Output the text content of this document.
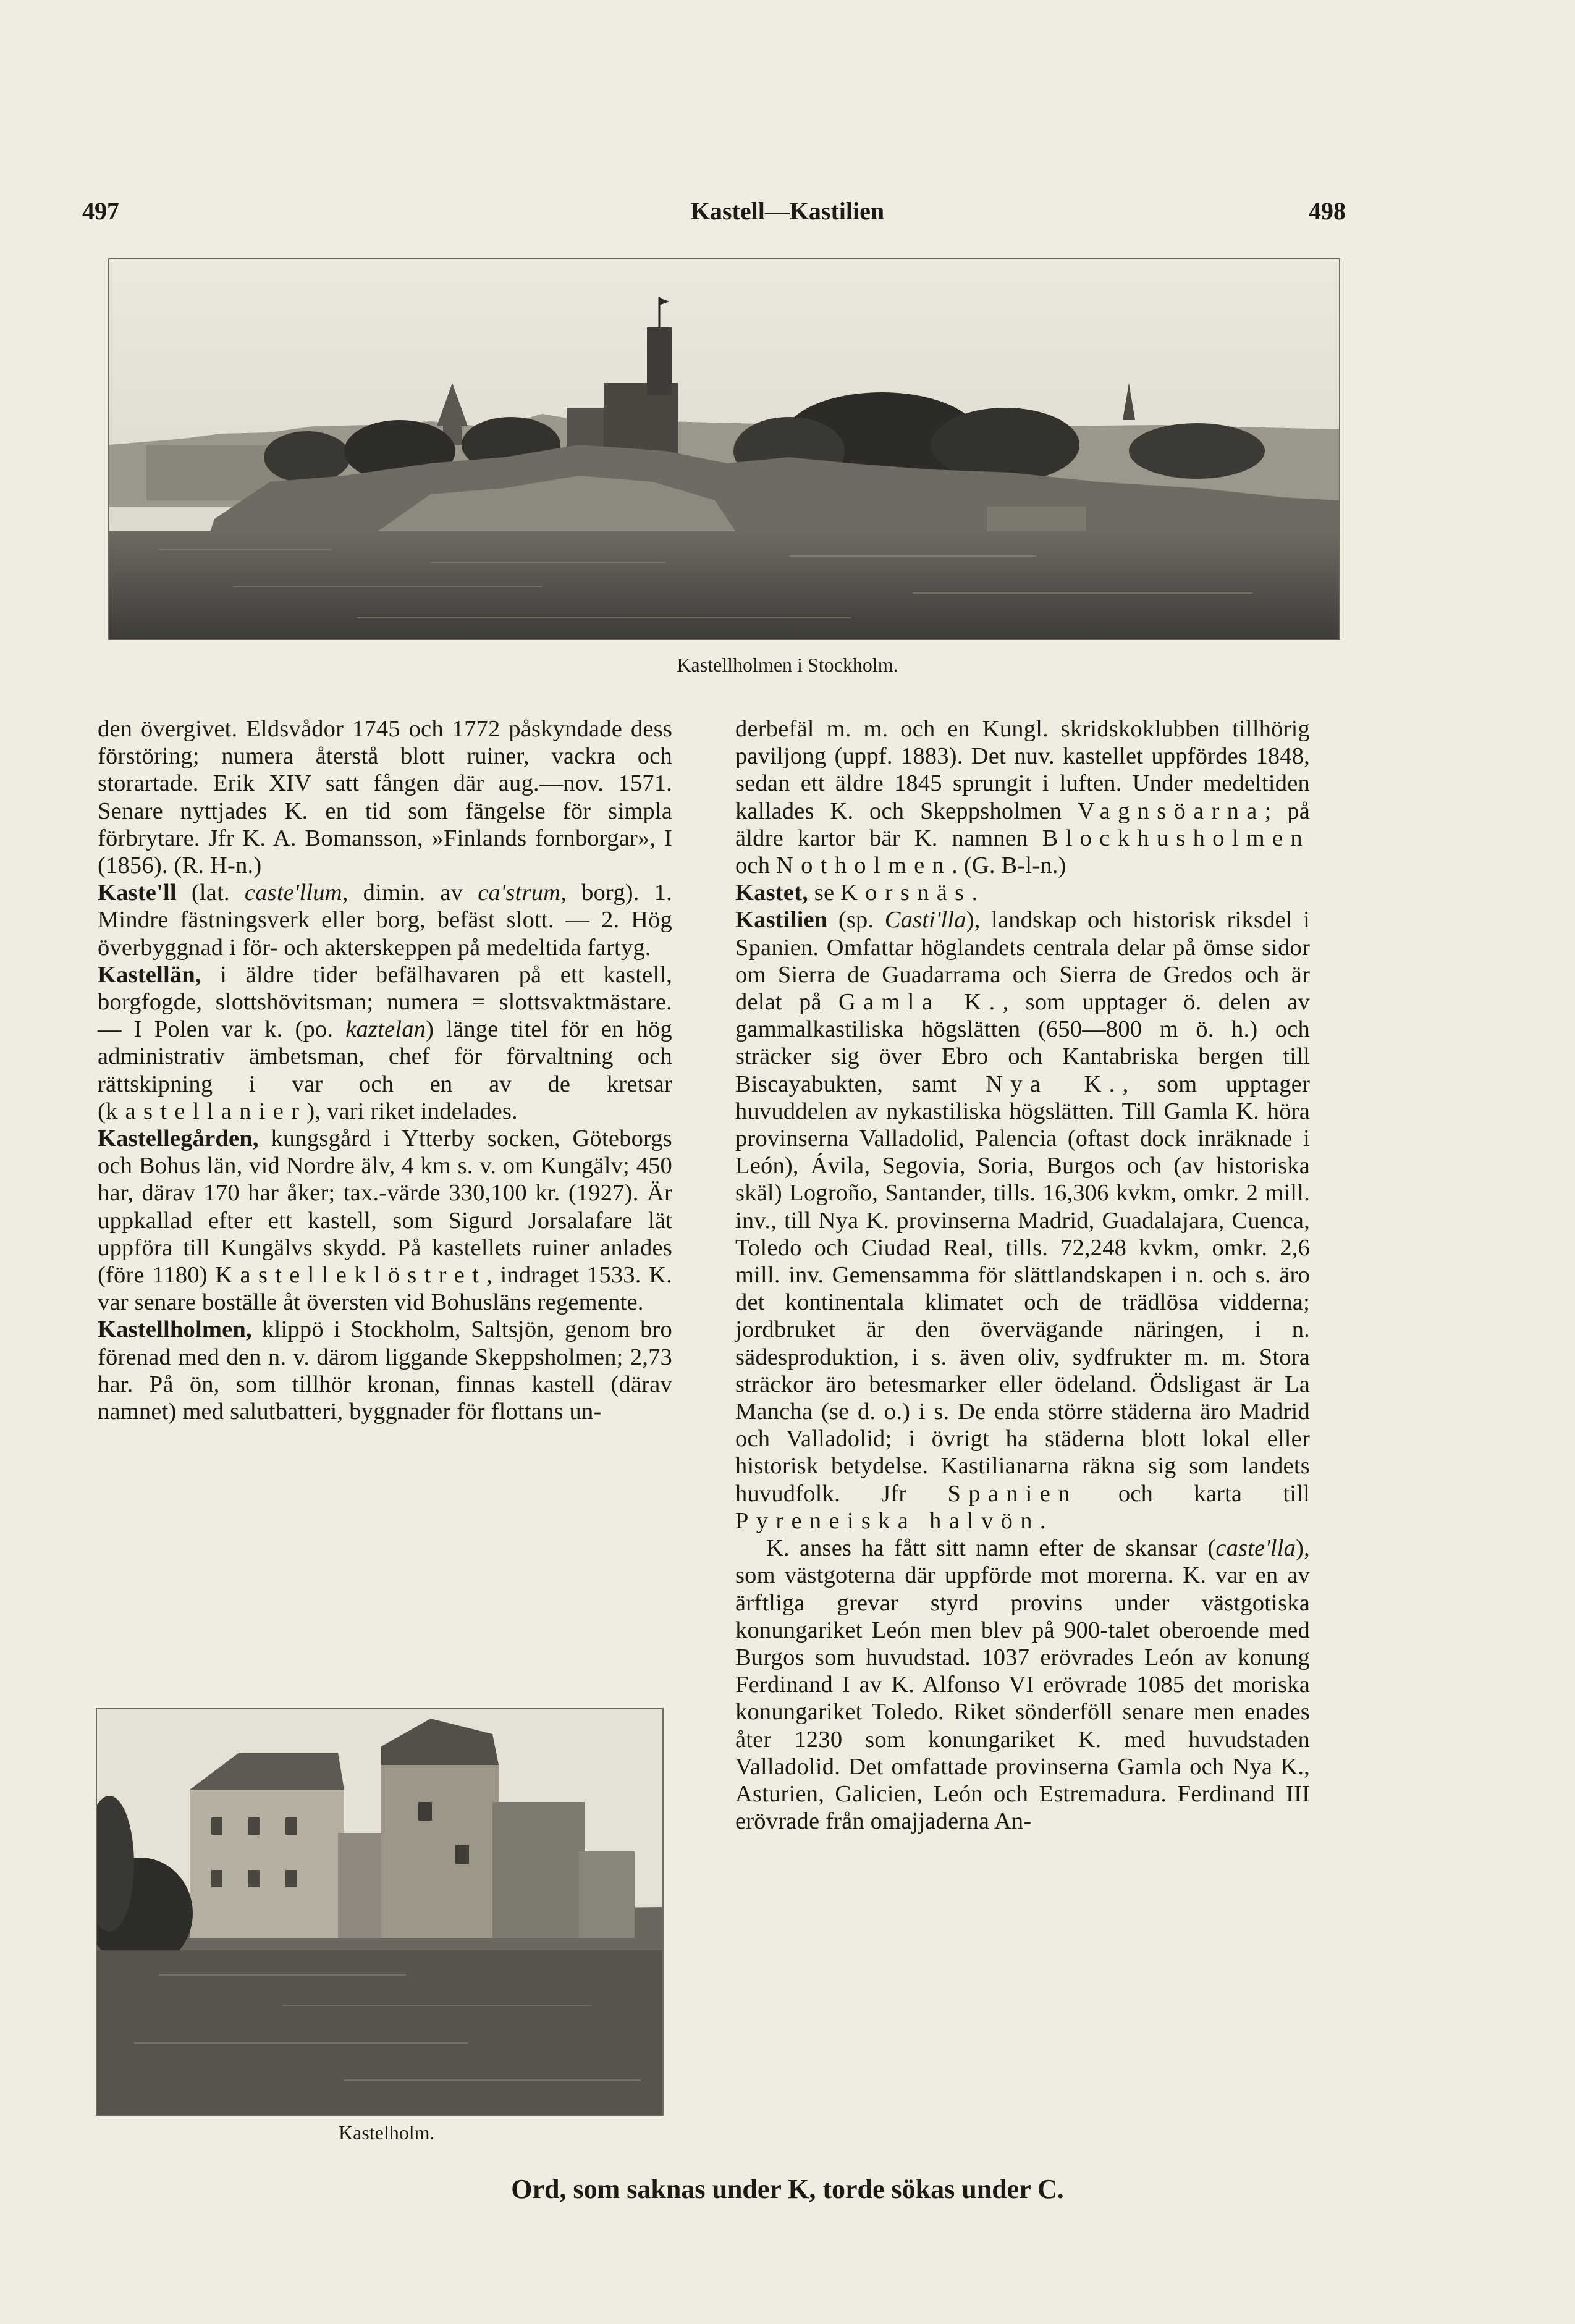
497	Kastell—Kastilien	498
Kastellholmen i Stockholm.

den övergivet. Eldsvådor 1745 och 1772 påskyndade dess förstöring; numera återstå blott ruiner, vackra och storartade. Erik XIV satt fången där aug.—nov. 1571. Senare nyttjades K. en tid som fängelse för simpla förbrytare. Jfr K. A. Bomansson, »Finlands fornborgar», I (1856). (R. H-n.)

Kaste'll (lat. caste'llum, dimin. av ca'strum, borg). 1. Mindre fästningsverk eller borg, befäst slott. — 2. Hög överbyggnad i för- och akterskeppen på medeltida fartyg.

Kastellän, i äldre tider befälhavaren på ett kastell, borgfogde, slottshövitsman; numera = slottsvaktmästare. — I Polen var k. (po. kaztelan) länge titel för en hög administrativ ämbetsman, chef för förvaltning och rättskipning i var och en av de kretsar (kastellanier), vari riket indelades.

Kastellegården, kungsgård i Ytterby socken, Göteborgs och Bohus län, vid Nordre älv, 4 km s. v. om Kungälv; 450 har, därav 170 har åker; tax.-värde 330,100 kr. (1927). Är uppkallad efter ett kastell, som Sigurd Jorsalafare lät uppföra till Kungälvs skydd. På kastellets ruiner anlades (före 1180) Kastelleklöstret, indraget 1533. K. var senare boställe åt översten vid Bohusläns regemente.

Kastellholmen, klippö i Stockholm, Saltsjön, genom bro förenad med den n. v. därom liggande Skeppsholmen; 2,73 har. På ön, som tillhör kronan, finnas kastell (därav namnet) med salutbatteri, byggnader för flottans un-

Kastelholm.

derbefäl m. m. och en Kungl. skridskoklubben tillhörig paviljong (uppf. 1883). Det nuv. kastellet uppfördes 1848, sedan ett äldre 1845 sprungit i luften. Under medeltiden kallades K. och Skeppsholmen Vagnsöarna; på äldre kartor bär K. namnen Blockhusholmen och Notholmen. (G. B-l-n.)

Kastet, se Korsnäs.

Kastilien (sp. Casti'lla), landskap och historisk riksdel i Spanien. Omfattar höglandets centrala delar på ömse sidor om Sierra de Guadarrama och Sierra de Gredos och är delat på Gamla K., som upptager ö. delen av gammalkastiliska högslätten (650—800 m ö. h.) och sträcker sig över Ebro och Kantabriska bergen till Biscayabukten, samt Nya K., som upptager huvuddelen av nykastiliska högslätten. Till Gamla K. höra provinserna Valladolid, Palencia (oftast dock inräknade i León), Ávila, Segovia, Soria, Burgos och (av historiska skäl) Logroño, Santander, tills. 16,306 kvkm, omkr. 2 mill. inv., till Nya K. provinserna Madrid, Guadalajara, Cuenca, Toledo och Ciudad Real, tills. 72,248 kvkm, omkr. 2,6 mill. inv. Gemensamma för slättlandskapen i n. och s. äro det kontinentala klimatet och de trädlösa vidderna; jordbruket är den övervägande näringen, i n. sädesproduktion, i s. även oliv, sydfrukter m. m. Stora sträckor äro betesmarker eller ödeland. Ödsligast är La Mancha (se d. o.) i s. De enda större städerna äro Madrid och Valladolid; i övrigt ha städerna blott lokal eller historisk betydelse. Kastilianarna räkna sig som landets huvudfolk. Jfr Spanien och karta till Pyreneiska halvön.

K. anses ha fått sitt namn efter de skansar (caste'lla), som västgoterna där uppförde mot morerna. K. var en av ärftliga grevar styrd provins under västgotiska konungariket León men blev på 900-talet oberoende med Burgos som huvudstad. 1037 erövrades León av konung Ferdinand I av K. Alfonso VI erövrade 1085 det moriska konungariket Toledo. Riket sönderföll senare men enades åter 1230 som konungariket K. med huvudstaden Valladolid. Det omfattade provinserna Gamla och Nya K., Asturien, Galicien, León och Estremadura. Ferdinand III erövrade från omajjaderna An-

Ord, som saknas under K, torde sökas under C.
